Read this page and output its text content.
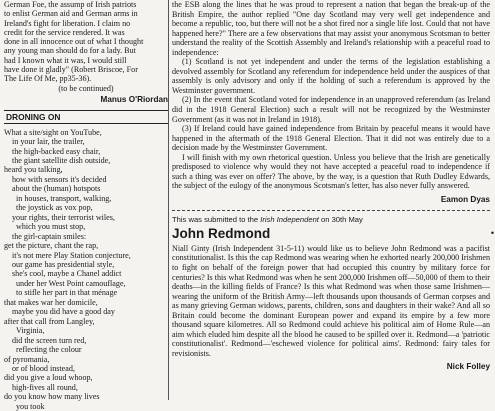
German Foe, the assump of Irish patriots
to enlist German aid and German arms in
Ireland's fight for liberation. I claim no
credit for the service rendered. It was
done in all innocence out of what I thought
any young man should do for a lady. But
had I known what it was, I would still
have done it gladly" (Robert Briscoe, For
The Life Of Me, pp35-36).

(to be continued)

Manus O'Riordan

DRONING ON
What a site/sight on YouTube,
in your lair, the trailer,
the high-backed easy chair,
the giant satellite dish outside,
heard you talking,
how with sensors it's decided
about the (human) hotspots
in houses, transport, walking,
the joystick as vox pop,
your rights, their terrorist wiles,
which you must stop,
the girl-captain smiles:
get the picture, chant the rap,
it's not mere Play Station conjecture,
our game has presidential style,
she's cool, maybe a Chanel addict
under her West Point camouflage,
to stifle her part in that ménage
that makes war her domicile,
maybe you did have a good day
after that call from Langley,
Virginia,
did the screen turn red,
reflecting the colour
of pyromania,
or of blood instead,
did you give a loud whoop,
high-fives all round,
do you know how many lives
you took

the ESB along the lines that he was proud to represent a nation that began the break-up of the British Empire, the author replied "One day Scotland may very well get independence and become a republic, too, but there will not be a shot fired nor a single life lost. Could that not have happened here?" There are a few observations that may assist your anonymous Scotsman to better understand the reality of the Scottish Assembly and Ireland's relationship with a peaceful road to independence:

(1) Scotland is not yet independent and under the terms of the legislation establishing a devolved assembly for Scotland any referendum for independence held under the auspices of that assembly is only advisory and only if the holding of such a referendum is approved by the Westminster government.

(2) In the event that Scotland voted for independence in an unapproved referendum (as Ireland did in the 1918 General Election) such a result will not be recognized by the Westminster Government (as it was not in Ireland in 1918).

(3) If Ireland could have gained independence from Britain by peaceful means it would have happened in the aftermath of the 1918 General Election. That it did not was entirely due to a decision made by the Westminster Government.

I will finish with my own rhetorical question. Unless you believe that the Irish are genetically predisposed to violence why would they not have accepted a peaceful road to independence if such a thing was ever on offer? The above, by the way, is a question that Ruth Dudley Edwards, the subject of the eulogy of the anonymous Scotsman's letter, has also never fully answered.

Eamon Dyas

This was submitted to the Irish Independent on 30th May

John Redmond

Niall Ginty (Irish Independent 31-5-11) would like us to believe John Redmond was a pacifist constitutionalist. Is this the cap Redmond was wearing when he exhorted nearly 200,000 Irishmen to fight on behalf of the foreign power that had occupied this country by military force for centuries? Is this what Redmond was when he sent 200,000 Irishmen off—50,000 of them to their deaths—in the killing fields of France? Is this what Redmond was when those same Irishmen—wearing the uniform of the British Army—left thousands upon thousands of German corpses and as many grieving German widows, parents, children, sons and daughters in their wake? And all so Britain could become the dominant European power and expand its empire by a few more thousand square kilometres. All so Redmond could achieve his political aim of Home Rule—an aim which eluded him despite all the blood he caused to be spilled over it. Redmond—a 'patriotic constitutionalist'. Redmond—'eschewed violence for political aims'. Redmond: fairy tales for revisionists.

Nick Folley

•
